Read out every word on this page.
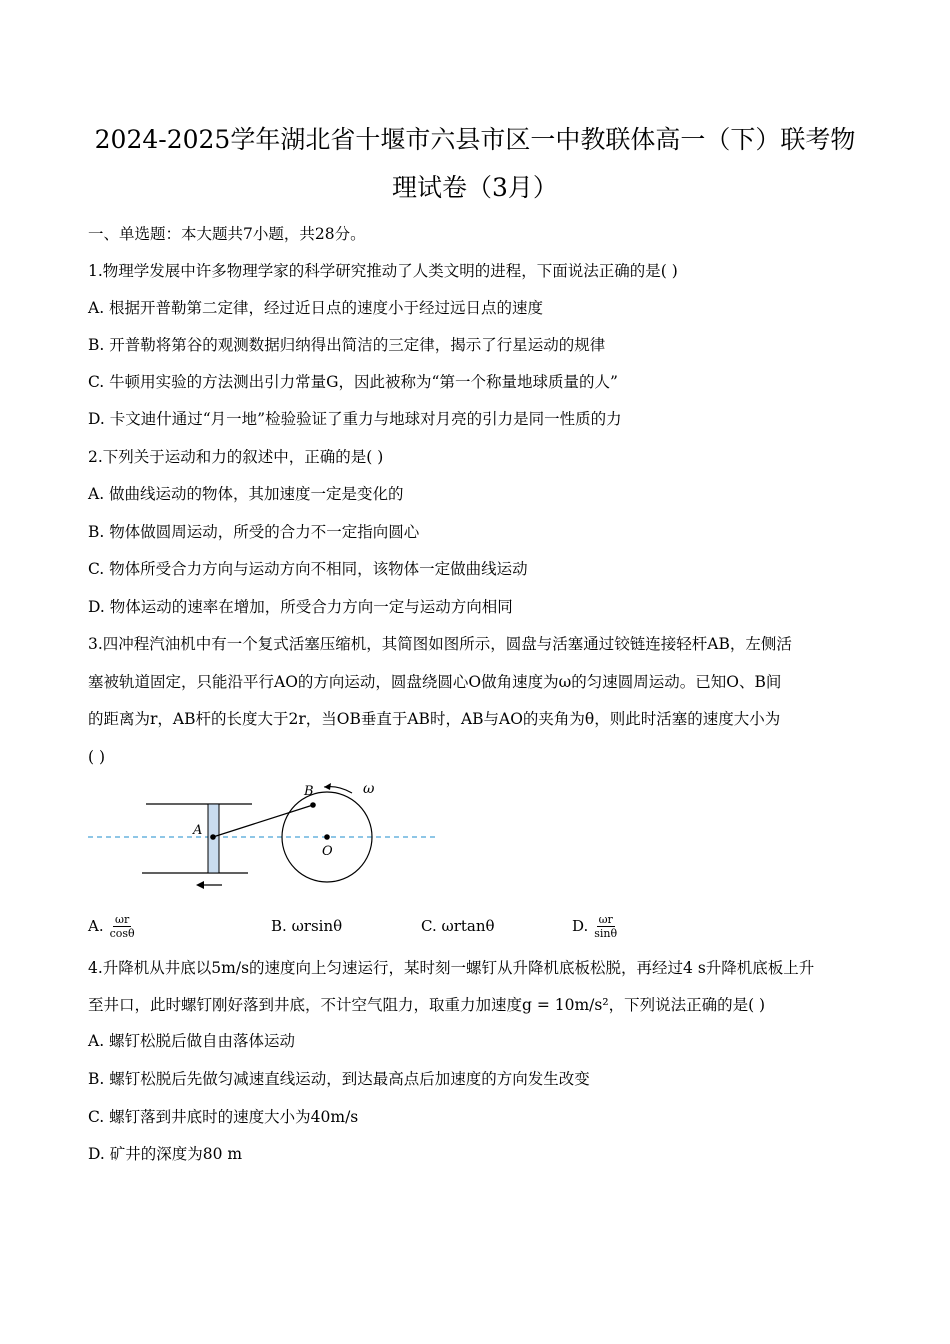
2024-2025学年湖北省十堰市六县市区一中教联体高一（下）联考物
理试卷（3月）
一、单选题：本大题共7小题，共28分。
1.物理学发展中许多物理学家的科学研究推动了人类文明的进程，下面说法正确的是( )
A. 根据开普勒第二定律，经过近日点的速度小于经过远日点的速度
B. 开普勒将第谷的观测数据归纳得出简洁的三定律，揭示了行星运动的规律
C. 牛顿用实验的方法测出引力常量G，因此被称为“第一个称量地球质量的人”
D. 卡文迪什通过“月一地”检验验证了重力与地球对月亮的引力是同一性质的力
2.下列关于运动和力的叙述中，正确的是( )
A. 做曲线运动的物体，其加速度一定是变化的
B. 物体做圆周运动，所受的合力不一定指向圆心
C. 物体所受合力方向与运动方向不相同，该物体一定做曲线运动
D. 物体运动的速率在增加，所受合力方向一定与运动方向相同
3.四冲程汽油机中有一个复式活塞压缩机，其简图如图所示，圆盘与活塞通过铰链连接轻杆AB，左侧活
塞被轨道固定，只能沿平行AO的方向运动，圆盘绕圆心O做角速度为ω的匀速圆周运动。已知O、B间
的距离为r，AB杆的长度大于2r，当OB垂直于AB时，AB与AO的夹角为θ，则此时活塞的速度大小为
( )
A
B
O
ω
A. $\frac{\omega r}{\cos\theta}$	B.
ωrsinθ	C.
ωrtanθ	D. $\frac{\omega r}{\sin\theta}$
4.升降机从井底以5m/s的速度向上匀速运行，某时刻一螺钉从升降机底板松脱，再经过4 s升降机底板上升
至井口，此时螺钉刚好落到井底，不计空气阻力，取重力加速度g = 10m/s²，下列说法正确的是( )
A. 螺钉松脱后做自由落体运动
B. 螺钉松脱后先做匀减速直线运动，到达最高点后加速度的方向发生改变
C. 螺钉落到井底时的速度大小为40m/s
D. 矿井的深度为80 m
